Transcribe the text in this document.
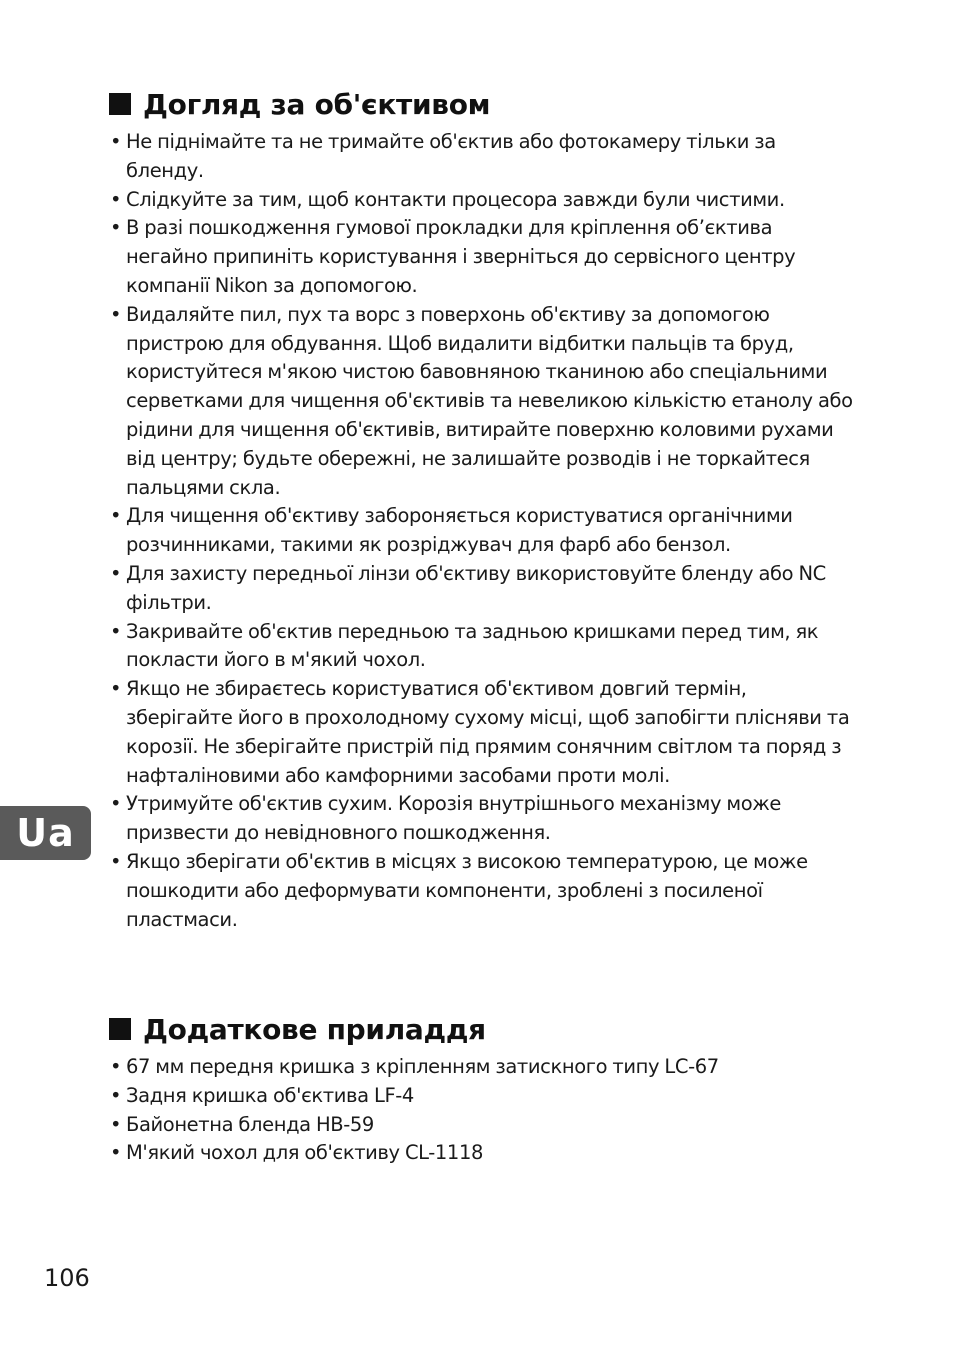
Догляд за об'єктивом
• Не піднімайте та не тримайте об'єктив або фотокамеру тільки за бленду.
• Слідкуйте за тим, щоб контакти процесора завжди були чистими.
• В разі пошкодження гумової прокладки для кріплення об’єктива негайно припиніть користування і зверніться до сервісного центру компанії Nikon за допомогою.
• Видаляйте пил, пух та ворс з поверхонь об'єктиву за допомогою пристрою для обдування. Щоб видалити відбитки пальців та бруд, користуйтеся м'якою чистою бавовняною тканиною або спеціальними серветками для чищення об'єктивів та невеликою кількістю етанолу або рідини для чищення об'єктивів, витирайте поверхню коловими рухами від центру; будьте обережні, не залишайте розводів і не торкайтеся пальцями скла.
• Для чищення об'єктиву забороняється користуватися органічними розчинниками, такими як розріджувач для фарб або бензол.
• Для захисту передньої лінзи об'єктиву використовуйте бленду або NC фільтри.
• Закривайте об'єктив передньою та задньою кришками перед тим, як покласти його в м'який чохол.
• Якщо не збираєтесь користуватися об'єктивом довгий термін, зберігайте його в прохолодному сухому місці, щоб запобігти плісняви та корозії. Не зберігайте пристрій під прямим сонячним світлом та поряд з нафталіновими або камфорними засобами проти молі.
• Утримуйте об'єктив сухим. Корозія внутрішнього механізму може призвести до невідновного пошкодження.
• Якщо зберігати об'єктив в місцях з високою температурою, це може пошкодити або деформувати компоненти, зроблені з посиленої пластмаси.
Додаткове приладдя
• 67 мм передня кришка з кріпленням затискного типу LC-67
• Задня кришка об'єктива LF-4
• Байонетна бленда HB-59
• М'який чохол для об'єктиву CL-1118
Ua
106
